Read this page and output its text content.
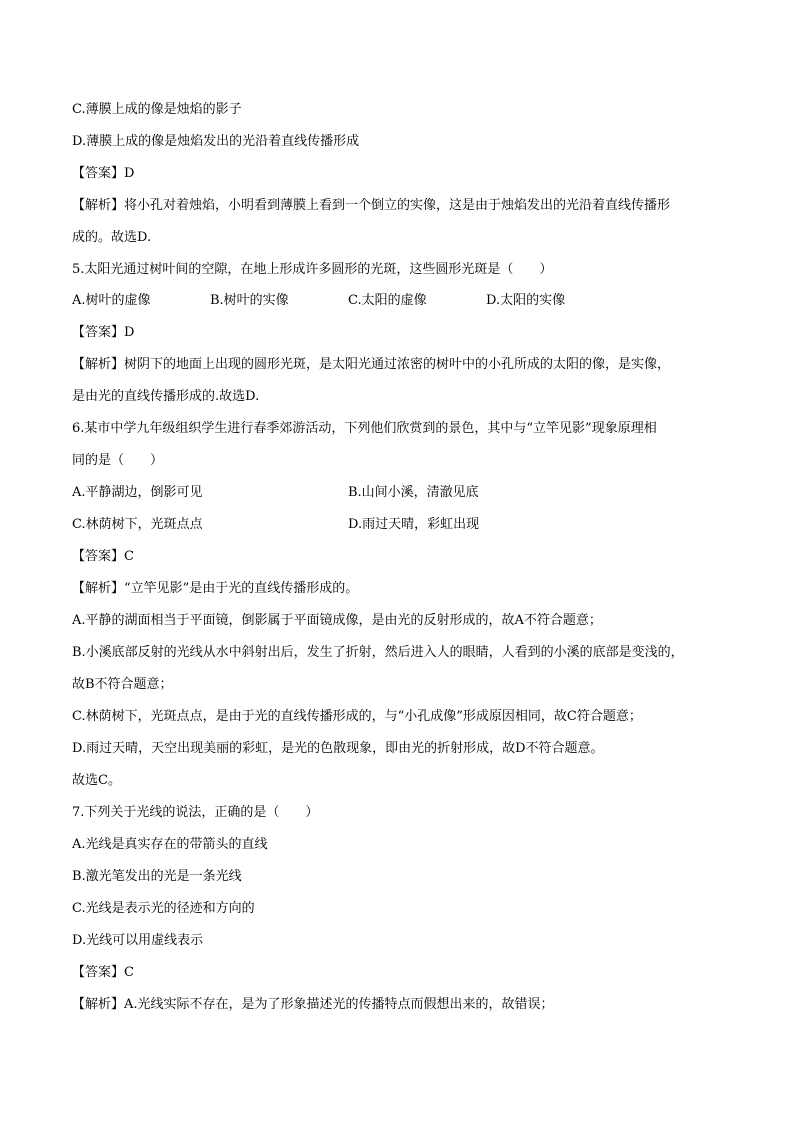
C.薄膜上成的像是烛焰的影子
D.薄膜上成的像是烛焰发出的光沿着直线传播形成
【答案】D
【解析】将小孔对着烛焰，小明看到薄膜上看到一个倒立的实像，这是由于烛焰发出的光沿着直线传播形
成的。故选D.
5.太阳光通过树叶间的空隙，在地上形成许多圆形的光斑，这些圆形光斑是（　　）
A.树叶的虚像	B.树叶的实像	C.太阳的虚像	D.太阳的实像
【答案】D
【解析】树阴下的地面上出现的圆形光斑，是太阳光通过浓密的树叶中的小孔所成的太阳的像，是实像，
是由光的直线传播形成的.故选D.
6.某市中学九年级组织学生进行春季郊游活动，下列他们欣赏到的景色，其中与“立竿见影”现象原理相
同的是（　　）
A.平静湖边，倒影可见	B.山间小溪，清澈见底
C.林荫树下，光斑点点	D.雨过天晴，彩虹出现
【答案】C
【解析】“立竿见影”是由于光的直线传播形成的。
A.平静的湖面相当于平面镜，倒影属于平面镜成像，是由光的反射形成的，故A不符合题意；
B.小溪底部反射的光线从水中斜射出后，发生了折射，然后进入人的眼睛，人看到的小溪的底部是变浅的，
故B不符合题意；
C.林荫树下，光斑点点，是由于光的直线传播形成的，与“小孔成像”形成原因相同，故C符合题意；
D.雨过天晴，天空出现美丽的彩虹，是光的色散现象，即由光的折射形成，故D不符合题意。
故选C。
7.下列关于光线的说法，正确的是（　　）
A.光线是真实存在的带箭头的直线
B.激光笔发出的光是一条光线
C.光线是表示光的径迹和方向的
D.光线可以用虚线表示
【答案】C
【解析】A.光线实际不存在，是为了形象描述光的传播特点而假想出来的，故错误；
